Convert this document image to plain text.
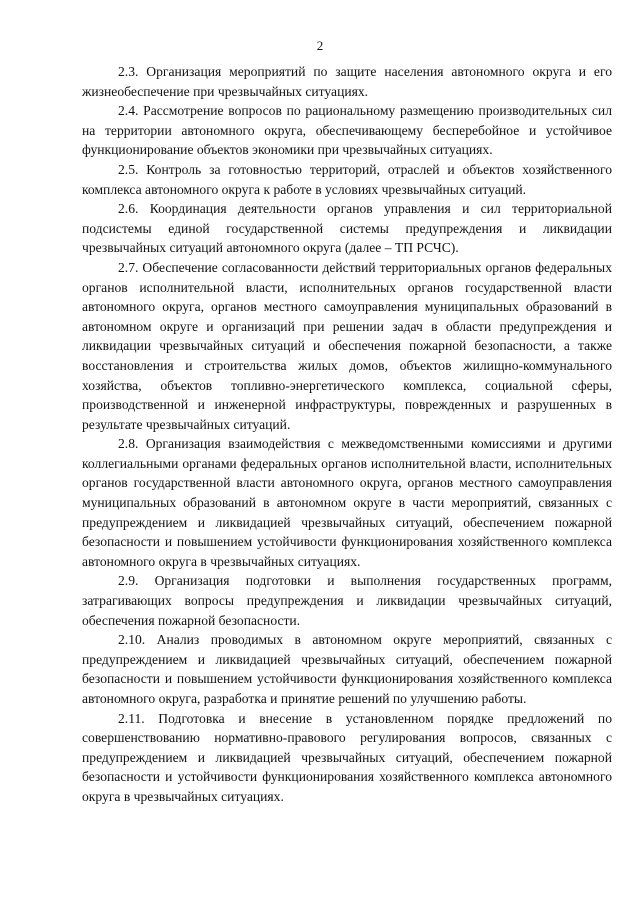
2

2.3. Организация мероприятий по защите населения автономного округа и его жизнеобеспечение при чрезвычайных ситуациях.

2.4. Рассмотрение вопросов по рациональному размещению производительных сил на территории автономного округа, обеспечивающему бесперебойное и устойчивое функционирование объектов экономики при чрезвычайных ситуациях.

2.5. Контроль за готовностью территорий, отраслей и объектов хозяйственного комплекса автономного округа к работе в условиях чрезвычайных ситуаций.

2.6. Координация деятельности органов управления и сил территориальной подсистемы единой государственной системы предупреждения и ликвидации чрезвычайных ситуаций автономного округа (далее – ТП РСЧС).

2.7. Обеспечение согласованности действий территориальных органов федеральных органов исполнительной власти, исполнительных органов государственной власти автономного округа, органов местного самоуправления муниципальных образований в автономном округе и организаций при решении задач в области предупреждения и ликвидации чрезвычайных ситуаций и обеспечения пожарной безопасности, а также восстановления и строительства жилых домов, объектов жилищно-коммунального хозяйства, объектов топливно-энергетического комплекса, социальной сферы, производственной и инженерной инфраструктуры, поврежденных и разрушенных в результате чрезвычайных ситуаций.

2.8. Организация взаимодействия с межведомственными комиссиями и другими коллегиальными органами федеральных органов исполнительной власти, исполнительных органов государственной власти автономного округа, органов местного самоуправления муниципальных образований в автономном округе в части мероприятий, связанных с предупреждением и ликвидацией чрезвычайных ситуаций, обеспечением пожарной безопасности и повышением устойчивости функционирования хозяйственного комплекса автономного округа в чрезвычайных ситуациях.

2.9. Организация подготовки и выполнения государственных программ, затрагивающих вопросы предупреждения и ликвидации чрезвычайных ситуаций, обеспечения пожарной безопасности.

2.10. Анализ проводимых в автономном округе мероприятий, связанных с предупреждением и ликвидацией чрезвычайных ситуаций, обеспечением пожарной безопасности и повышением устойчивости функционирования хозяйственного комплекса автономного округа, разработка и принятие решений по улучшению работы.

2.11. Подготовка и внесение в установленном порядке предложений по совершенствованию нормативно-правового регулирования вопросов, связанных с предупреждением и ликвидацией чрезвычайных ситуаций, обеспечением пожарной безопасности и устойчивости функционирования хозяйственного комплекса автономного округа в чрезвычайных ситуациях.
